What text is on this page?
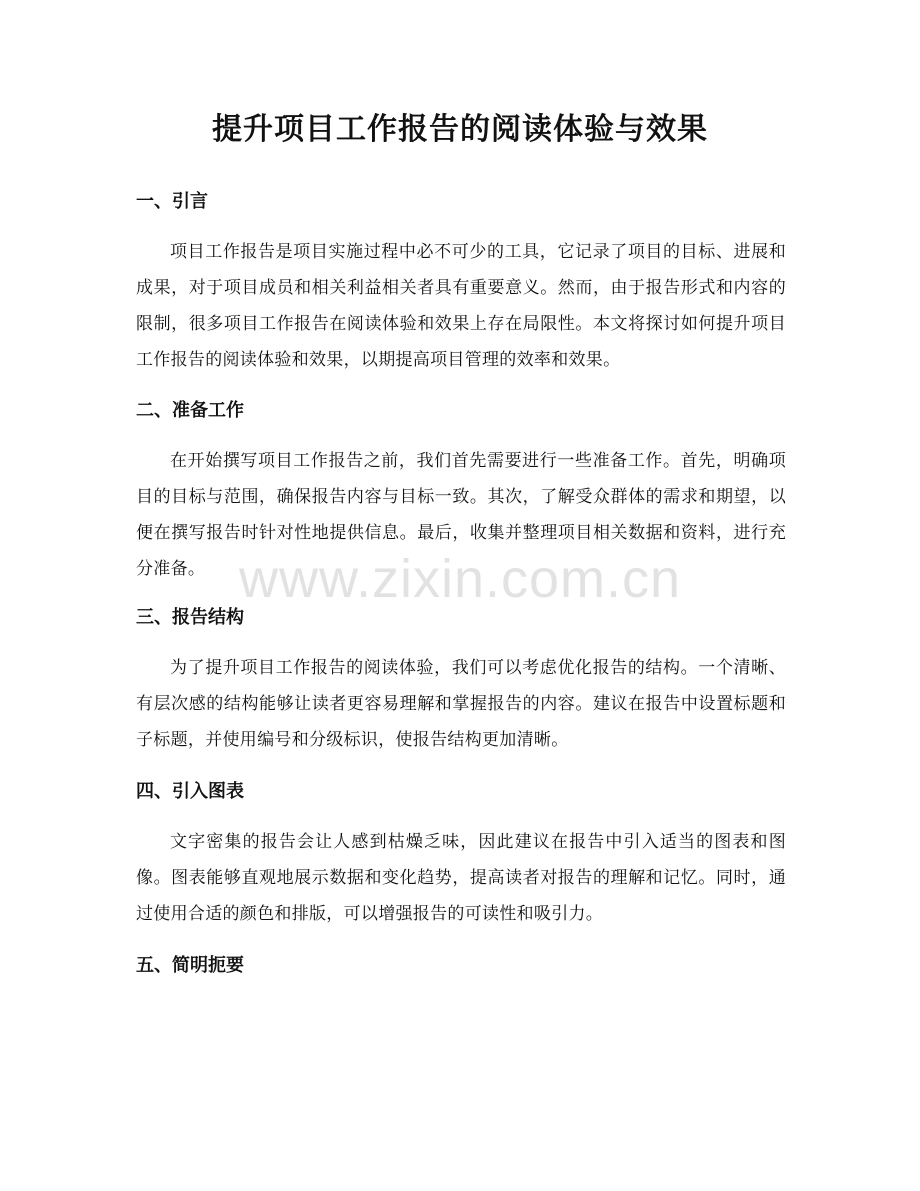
提升项目工作报告的阅读体验与效果
一、引言

项目工作报告是项目实施过程中必不可少的工具，它记录了项目的目标、进展和成果，对于项目成员和相关利益相关者具有重要意义。然而，由于报告形式和内容的限制，很多项目工作报告在阅读体验和效果上存在局限性。本文将探讨如何提升项目工作报告的阅读体验和效果，以期提高项目管理的效率和效果。

二、准备工作

在开始撰写项目工作报告之前，我们首先需要进行一些准备工作。首先，明确项目的目标与范围，确保报告内容与目标一致。其次，了解受众群体的需求和期望，以便在撰写报告时针对性地提供信息。最后，收集并整理项目相关数据和资料，进行充分准备。

三、报告结构

为了提升项目工作报告的阅读体验，我们可以考虑优化报告的结构。一个清晰、有层次感的结构能够让读者更容易理解和掌握报告的内容。建议在报告中设置标题和子标题，并使用编号和分级标识，使报告结构更加清晰。

四、引入图表

文字密集的报告会让人感到枯燥乏味，因此建议在报告中引入适当的图表和图像。图表能够直观地展示数据和变化趋势，提高读者对报告的理解和记忆。同时，通过使用合适的颜色和排版，可以增强报告的可读性和吸引力。

五、简明扼要
www.zixin.com.cn
